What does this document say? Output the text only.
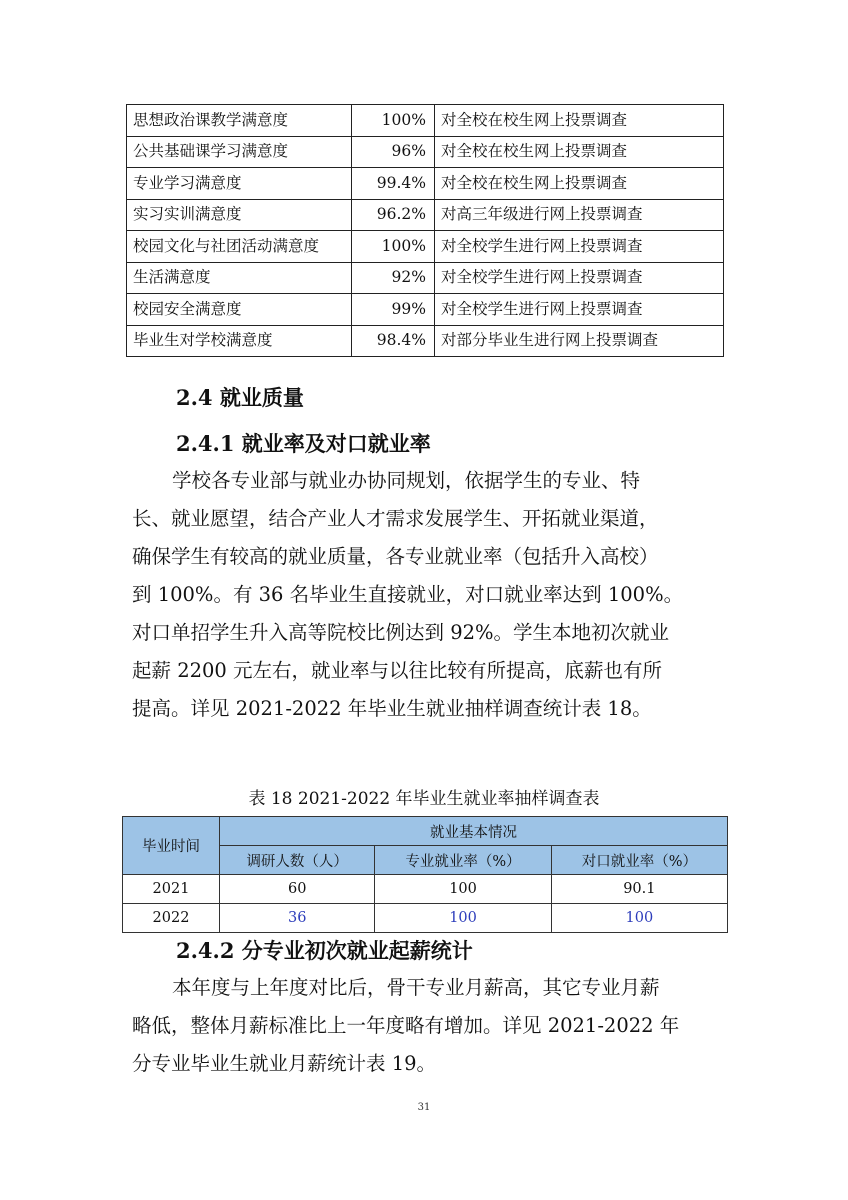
思想政治课教学满意度	100%	对全校在校生网上投票调查
公共基础课学习满意度	96%	对全校在校生网上投票调查
专业学习满意度	99.4%	对全校在校生网上投票调查
实习实训满意度	96.2%	对高三年级进行网上投票调查
校园文化与社团活动满意度	100%	对全校学生进行网上投票调查
生活满意度	92%	对全校学生进行网上投票调查
校园安全满意度	99%	对全校学生进行网上投票调查
毕业生对学校满意度	98.4%	对部分毕业生进行网上投票调查
2.4 就业质量
2.4.1 就业率及对口就业率
学校各专业部与就业办协同规划，依据学生的专业、特
长、就业愿望，结合产业人才需求发展学生、开拓就业渠道，
确保学生有较高的就业质量，各专业就业率（包括升入高校）
到 100%。有 36 名毕业生直接就业，对口就业率达到 100%。
对口单招学生升入高等院校比例达到 92%。学生本地初次就业
起薪 2200 元左右，就业率与以往比较有所提高，底薪也有所
提高。详见 2021-2022 年毕业生就业抽样调查统计表 18。
表 18 2021-2022 年毕业生就业率抽样调查表
毕业时间	就业基本情况		
	调研人数（人）	专业就业率（%）	对口就业率（%）
2021	60	100	90.1
2022	36	100	100
2.4.2 分专业初次就业起薪统计
本年度与上年度对比后，骨干专业月薪高，其它专业月薪
略低，整体月薪标准比上一年度略有增加。详见 2021-2022 年
分专业毕业生就业月薪统计表 19。
31
